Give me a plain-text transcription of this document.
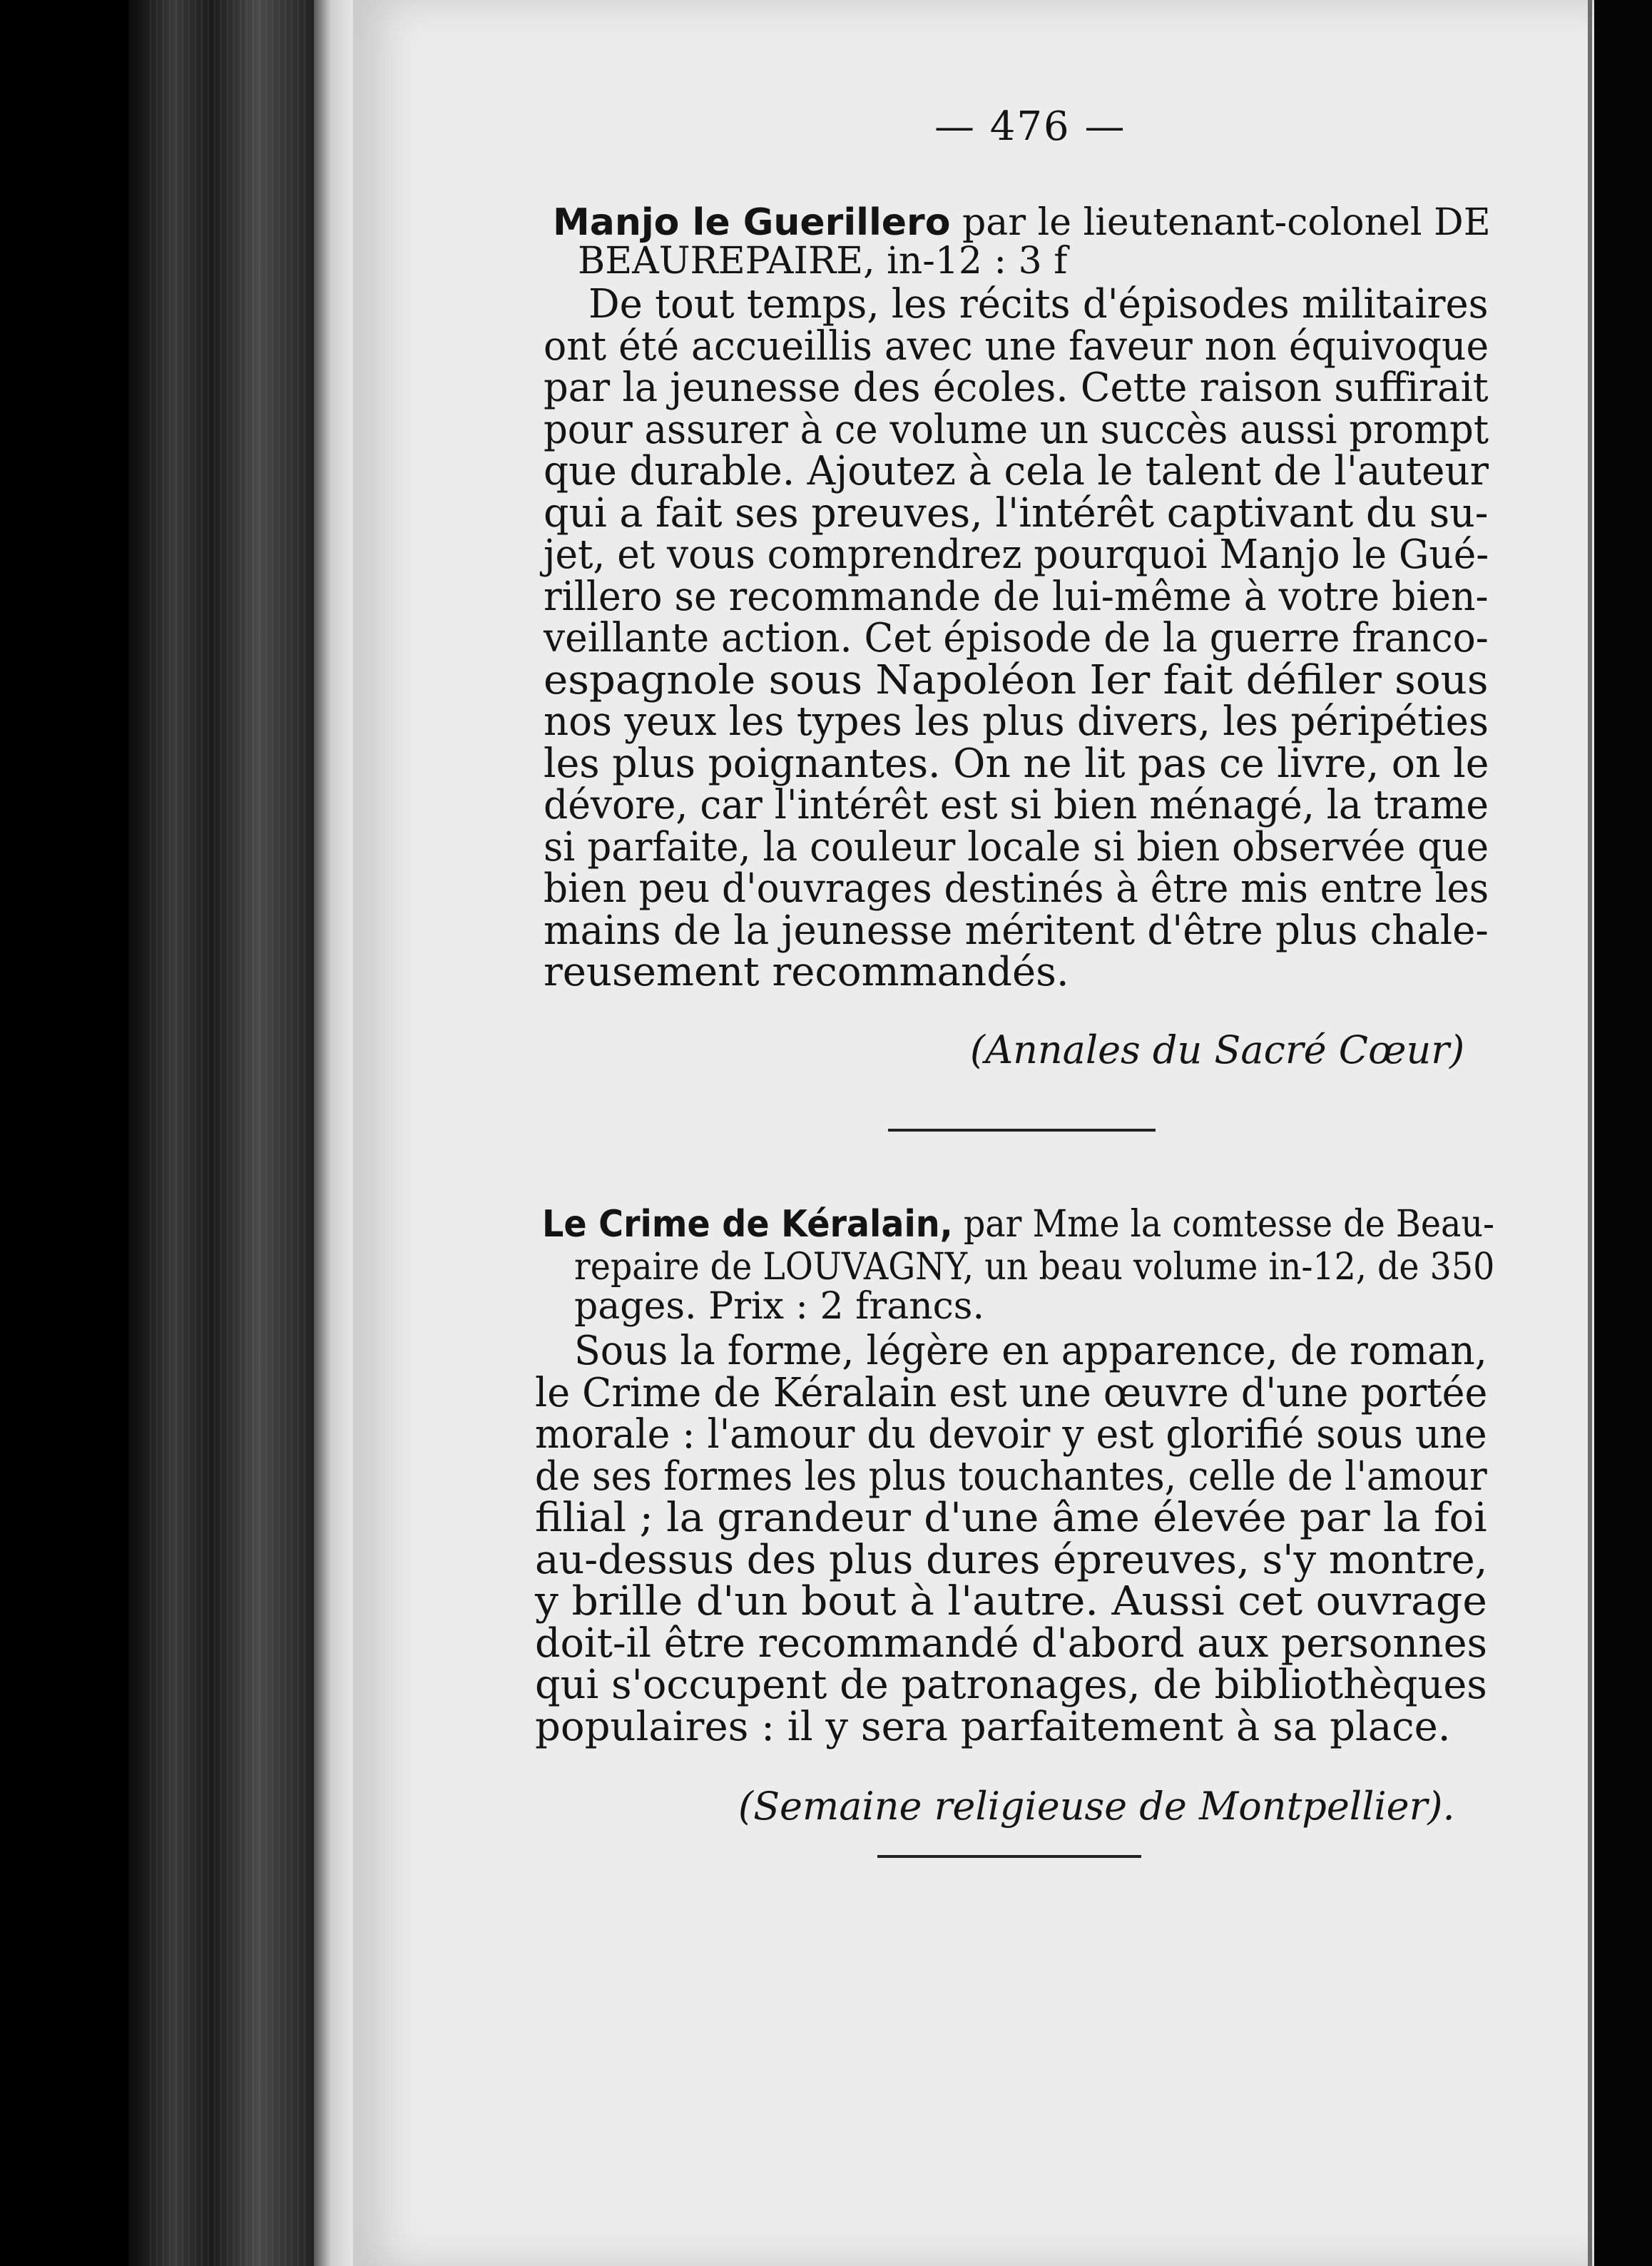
— 476 —
Manjo le Guerillero par le lieutenant-colonel DE
BEAUREPAIRE, in-12 : 3 f
De tout temps, les récits d'épisodes militaires
ont été accueillis avec une faveur non équivoque
par la jeunesse des écoles. Cette raison suffirait
pour assurer à ce volume un succès aussi prompt
que durable. Ajoutez à cela le talent de l'auteur
qui a fait ses preuves, l'intérêt captivant du su-
jet, et vous comprendrez pourquoi Manjo le Gué-
rillero se recommande de lui-même à votre bien-
veillante action. Cet épisode de la guerre franco-
espagnole sous Napoléon Ier fait défiler sous
nos yeux les types les plus divers, les péripéties
les plus poignantes. On ne lit pas ce livre, on le
dévore, car l'intérêt est si bien ménagé, la trame
si parfaite, la couleur locale si bien observée que
bien peu d'ouvrages destinés à être mis entre les
mains de la jeunesse méritent d'être plus chale-
reusement recommandés.
(Annales du Sacré Cœur)
Le Crime de Kéralain, par Mme la comtesse de Beau-
repaire de LOUVAGNY, un beau volume in-12, de 350
pages. Prix : 2 francs.
Sous la forme, légère en apparence, de roman,
le Crime de Kéralain est une œuvre d'une portée
morale : l'amour du devoir y est glorifié sous une
de ses formes les plus touchantes, celle de l'amour
filial ; la grandeur d'une âme élevée par la foi
au-dessus des plus dures épreuves, s'y montre,
y brille d'un bout à l'autre. Aussi cet ouvrage
doit-il être recommandé d'abord aux personnes
qui s'occupent de patronages, de bibliothèques
populaires : il y sera parfaitement à sa place.
(Semaine religieuse de Montpellier).
